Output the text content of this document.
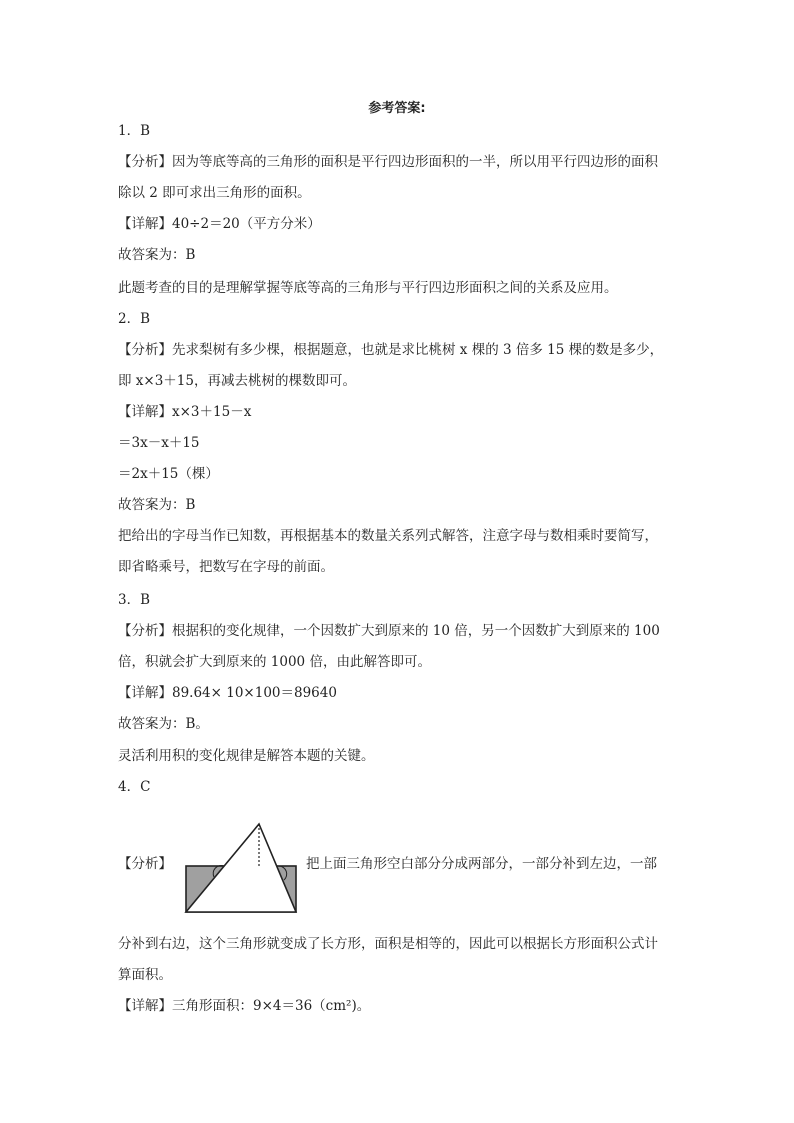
参考答案:
1．B
【分析】因为等底等高的三角形的面积是平行四边形面积的一半，所以用平行四边形的面积
除以 2 即可求出三角形的面积。
【详解】40÷2＝20（平方分米）
故答案为：B
此题考查的目的是理解掌握等底等高的三角形与平行四边形面积之间的关系及应用。
2．B
【分析】先求梨树有多少棵，根据题意，也就是求比桃树 x 棵的 3 倍多 15 棵的数是多少，
即 x×3＋15，再减去桃树的棵数即可。
【详解】x×3＋15－x
＝3x－x＋15
＝2x＋15（棵）
故答案为：B
把给出的字母当作已知数，再根据基本的数量关系列式解答，注意字母与数相乘时要简写，
即省略乘号，把数写在字母的前面。
3．B
【分析】根据积的变化规律，一个因数扩大到原来的 10 倍，另一个因数扩大到原来的 100
倍，积就会扩大到原来的 1000 倍，由此解答即可。
【详解】89.64× 10×100＝89640
故答案为：B。
灵活利用积的变化规律是解答本题的关键。
4．C
【分析】	把上面三角形空白部分分成两部分，一部分补到左边，一部
分补到右边，这个三角形就变成了长方形，面积是相等的，因此可以根据长方形面积公式计
算面积。
【详解】三角形面积：9×4＝36（cm²)。
